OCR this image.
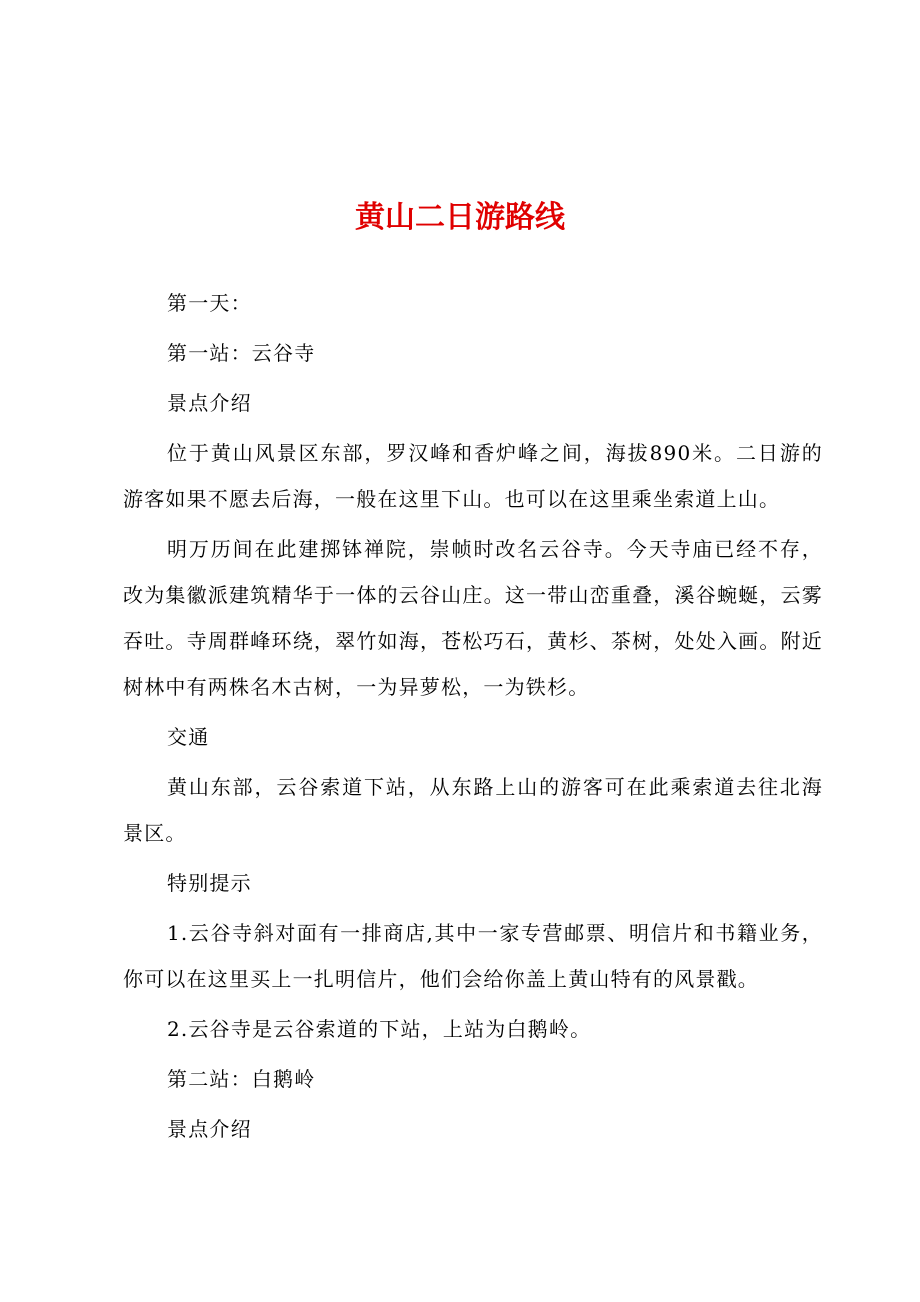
黄山二日游路线

第一天：

第一站：云谷寺

景点介绍

位于黄山风景区东部，罗汉峰和香炉峰之间，海拔890米。二日游的游客如果不愿去后海，一般在这里下山。也可以在这里乘坐索道上山。

明万历间在此建掷钵禅院，崇帧时改名云谷寺。今天寺庙已经不存，改为集徽派建筑精华于一体的云谷山庄。这一带山峦重叠，溪谷蜿蜒，云雾吞吐。寺周群峰环绕，翠竹如海，苍松巧石，黄杉、茶树，处处入画。附近树林中有两株名木古树，一为异萝松，一为铁杉。

交通

黄山东部，云谷索道下站，从东路上山的游客可在此乘索道去往北海景区。

特别提示

1.云谷寺斜对面有一排商店,其中一家专营邮票、明信片和书籍业务，你可以在这里买上一扎明信片，他们会给你盖上黄山特有的风景戳。

2.云谷寺是云谷索道的下站，上站为白鹅岭。

第二站：白鹅岭

景点介绍
